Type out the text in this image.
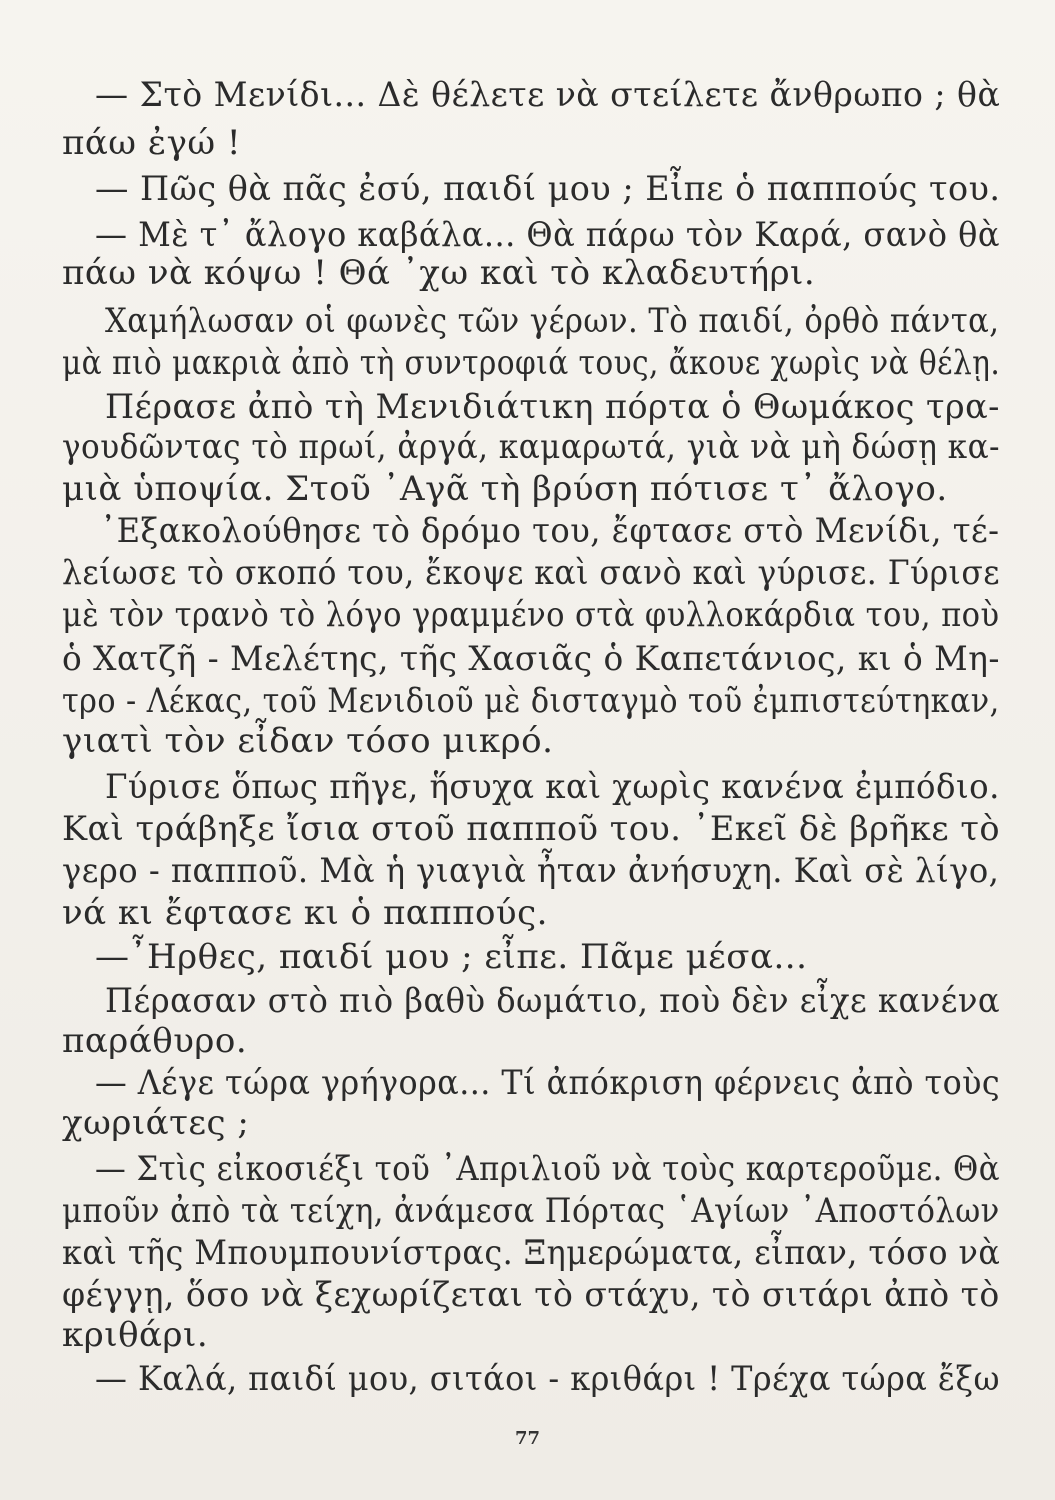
— Στὸ Μενίδι... Δὲ θέλετε νὰ στείλετε ἄνθρωπο ; θὰ
πάω ἐγώ !
— Πῶς θὰ πᾶς ἐσύ, παιδί μου ; Εἶπε ὁ παππούς του.
— Μὲ τ᾽ ἄλογο καβάλα... Θὰ πάρω τὸν Καρά, σανὸ θὰ
πάω νὰ κόψω ! Θά ᾽χω καὶ τὸ κλαδευτήρι.
Χαμήλωσαν οἱ φωνὲς τῶν γέρων. Τὸ παιδί, ὀρθὸ πάντα,
μὰ πιὸ μακριὰ ἀπὸ τὴ συντροφιά τους, ἄκουε χωρὶς νὰ θέλῃ.
Πέρασε ἀπὸ τὴ Μενιδιάτικη πόρτα ὁ Θωμάκος τρα-
γουδῶντας τὸ πρωί, ἀργά, καμαρωτά, γιὰ νὰ μὴ δώσῃ κα-
μιὰ ὑποψία. Στοῦ ᾽Αγᾶ τὴ βρύση πότισε τ᾽ ἄλογο.
᾽Εξακολούθησε τὸ δρόμο του, ἔφτασε στὸ Μενίδι, τέ-
λείωσε τὸ σκοπό του, ἔκοψε καὶ σανὸ καὶ γύρισε. Γύρισε
μὲ τὸν τρανὸ τὸ λόγο γραμμένο στὰ φυλλοκάρδια του, ποὺ
ὁ Χατζῆ - Μελέτης, τῆς Χασιᾶς ὁ Καπετάνιος, κι ὁ Μη-
τρο - Λέκας, τοῦ Μενιδιοῦ μὲ δισταγμὸ τοῦ ἐμπιστεύτηκαν,
γιατὶ τὸν εἶδαν τόσο μικρό.
Γύρισε ὅπως πῆγε, ἥσυχα καὶ χωρὶς κανένα ἐμπόδιο.
Καὶ τράβηξε ἴσια στοῦ παπποῦ του. ᾽Εκεῖ δὲ βρῆκε τὸ
γερο - παπποῦ. Μὰ ἡ γιαγιὰ ἦταν ἀνήσυχη. Καὶ σὲ λίγο,
νά κι ἔφτασε κι ὁ παππούς.
—῏Ηρθες, παιδί μου ; εἶπε. Πᾶμε μέσα...
Πέρασαν στὸ πιὸ βαθὺ δωμάτιο, ποὺ δὲν εἶχε κανένα
παράθυρο.
— Λέγε τώρα γρήγορα... Τί ἀπόκριση φέρνεις ἀπὸ τοὺς
χωριάτες ;
— Στὶς εἰκοσιέξι τοῦ ᾽Απριλιοῦ νὰ τοὺς καρτεροῦμε. Θὰ
μποῦν ἀπὸ τὰ τείχη, ἀνάμεσα Πόρτας ῾Αγίων ᾽Αποστόλων
καὶ τῆς Μπουμπουνίστρας. Ξημερώματα, εἶπαν, τόσο νὰ
φέγγῃ, ὅσο νὰ ξεχωρίζεται τὸ στάχυ, τὸ σιτάρι ἀπὸ τὸ
κριθάρι.
— Καλά, παιδί μου, σιτάοι - κριθάρι ! Τρέχα τώρα ἔξω
77
